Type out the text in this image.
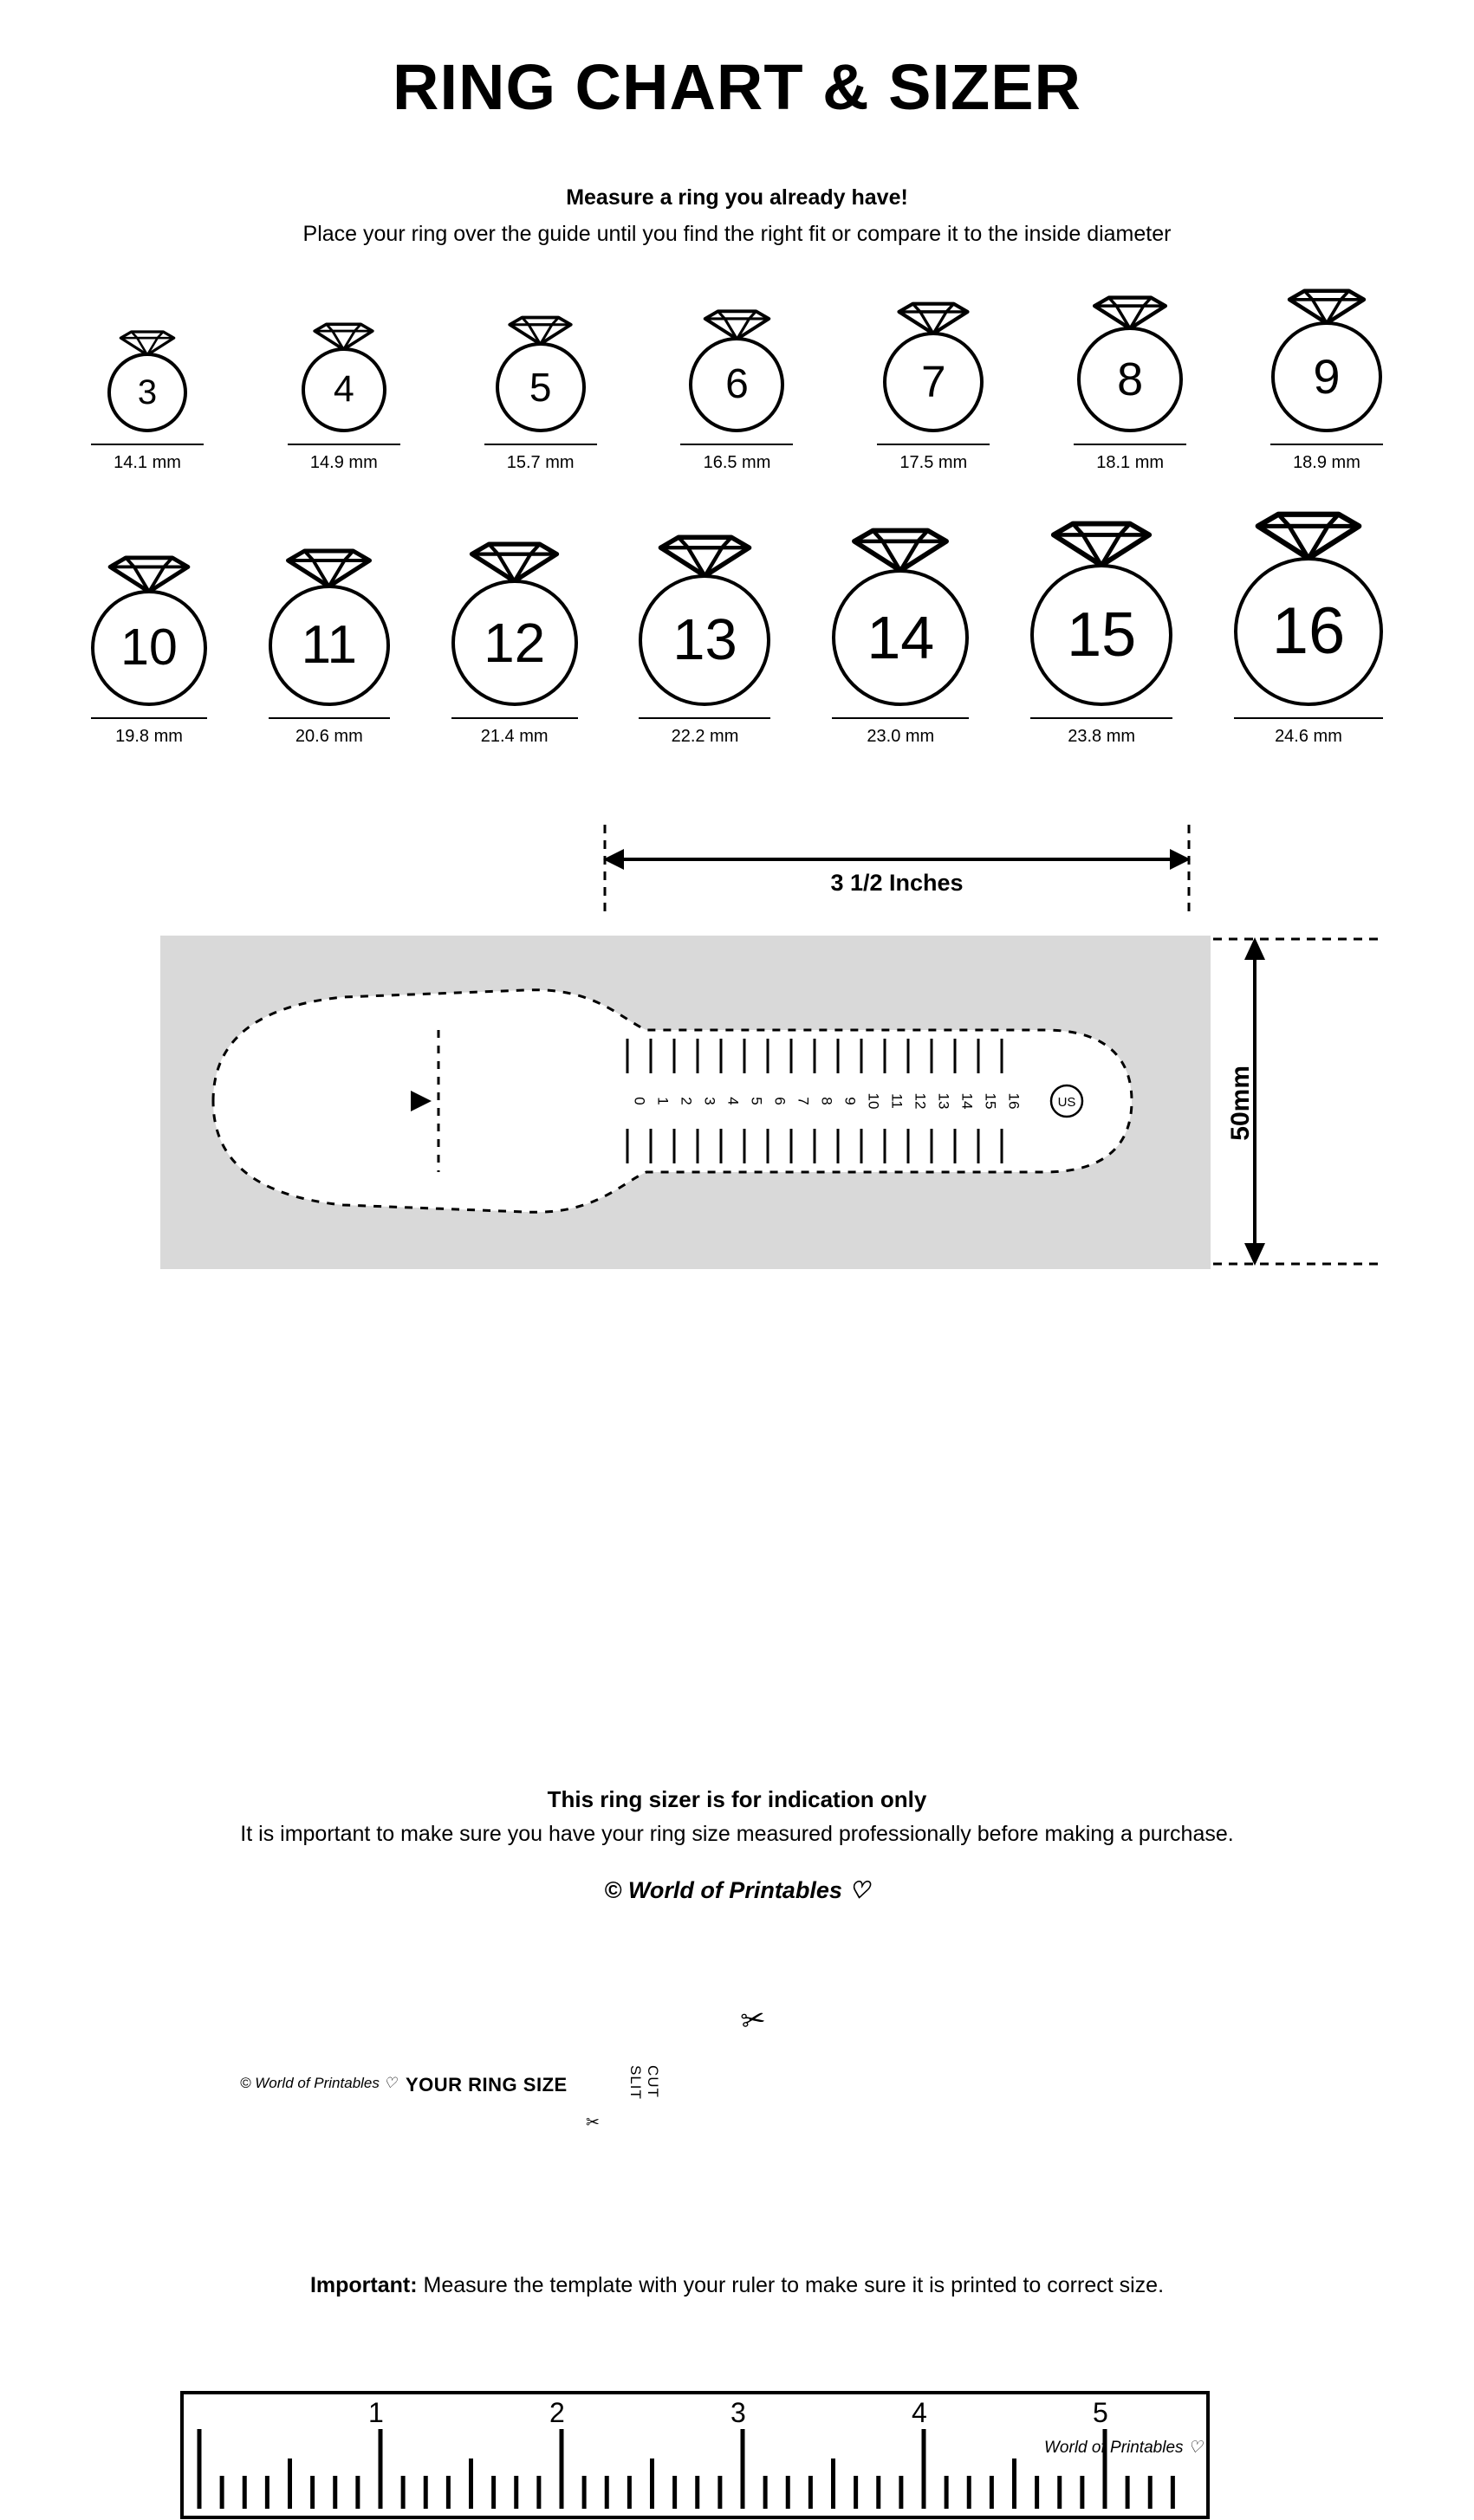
RING CHART & SIZER
Measure a ring you already have!
Place your ring over the guide until you find the right fit or compare it to the inside diameter
3
14.1 mm
4
14.9 mm
5
15.7 mm
6
16.5 mm
7
17.5 mm
8
18.1 mm
9
18.9 mm
10
19.8 mm
11
20.6 mm
12
21.4 mm
13
22.2 mm
14
23.0 mm
15
23.8 mm
16
24.6 mm
3 1/2 Inches
0 1 2 3 4 5 6 7 8 9 10 11 12 13 14 15 16	US	50mm
© World of Printables ♡ YOUR RING SIZE	CUT SLIT
✂
✂
Important: Measure the template with your ruler to make sure it is printed to correct size.
1	2	3	4	5
World of Printables ♡
This ring sizer is for indication only
It is important to make sure you have your ring size measured professionally before making a purchase.
© World of Printables ♡
